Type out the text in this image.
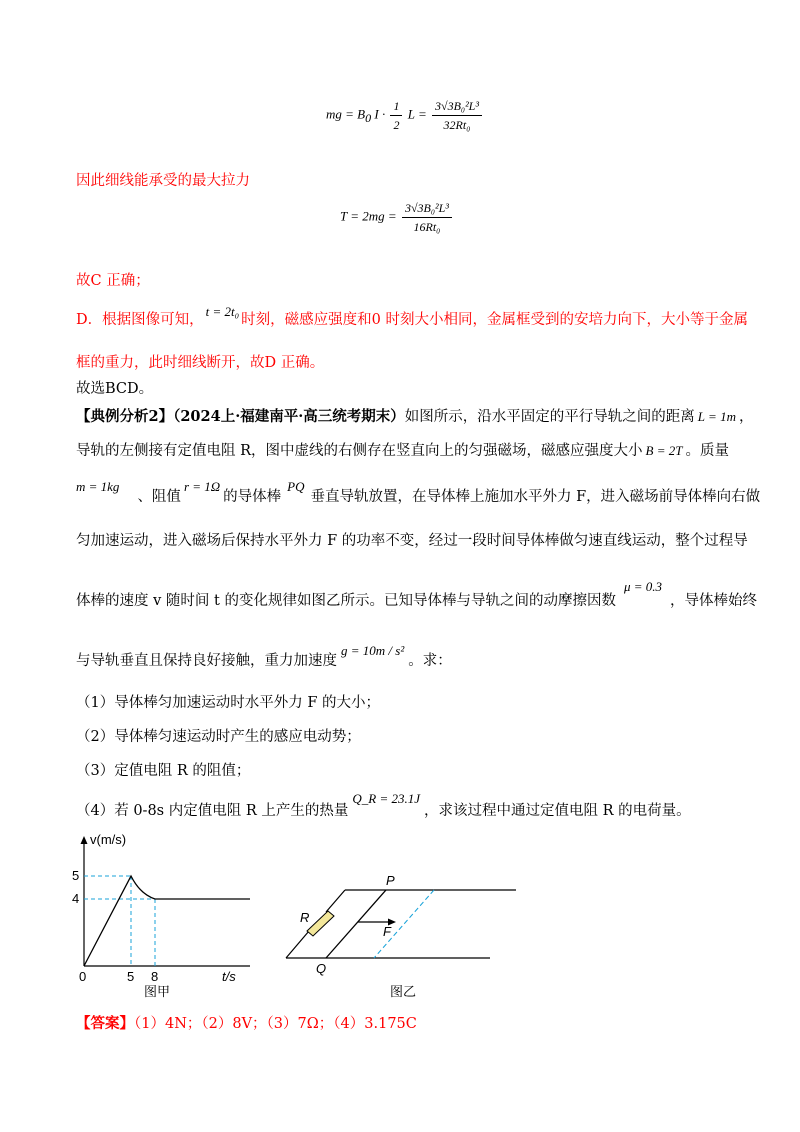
mg = $B_0$ $I \cdot \frac{1}{2}$ $L = \frac{\text{3√3B₀²L³}}{\text{32Rt₀}}$
因此细线能承受的最大拉力
$T = 2mg = \frac{\text{3√3B₀²L³}}{\text{16Rt₀}}$
故C 正确；
D．根据图像可知，t = 2t₀时刻，磁感应强度和0 时刻大小相同，金属框受到的安培力向下，大小等于金属
框的重力，此时细线断开，故D 正确。
故选BCD。
【典例分析2】（2024上·福建南平·高三统考期末）如图所示，沿水平固定的平行导轨之间的距离 L = 1m ，
导轨的左侧接有定值电阻 R，图中虚线的右侧存在竖直向上的匀强磁场，磁感应强度大小 B = 2T 。质量
m = 1kg、阻值r = 1Ω的导体棒PQ垂直导轨放置，在导体棒上施加水平外力 F，进入磁场前导体棒向右做
匀加速运动，进入磁场后保持水平外力 F 的功率不变，经过一段时间导体棒做匀速直线运动，整个过程导
体棒的速度 v 随时间 t 的变化规律如图乙所示。已知导体棒与导轨之间的动摩擦因数μ = 0.3，导体棒始终
与导轨垂直且保持良好接触，重力加速度g = 10m / s²。求：
（1）导体棒匀加速运动时水平外力 F 的大小；
（2）导体棒匀速运动时产生的感应电动势；
（3）定值电阻 R 的阻值；
（4）若 0-8s 内定值电阻 R 上产生的热量Q_R = 23.1J，求该过程中通过定值电阻 R 的电荷量。
v(m/s)
5
4
0	5 8	t/s
图甲
P
Q
R
F
图乙
【答案】（1）4N；（2）8V；（3）7Ω；（4）3.175C
